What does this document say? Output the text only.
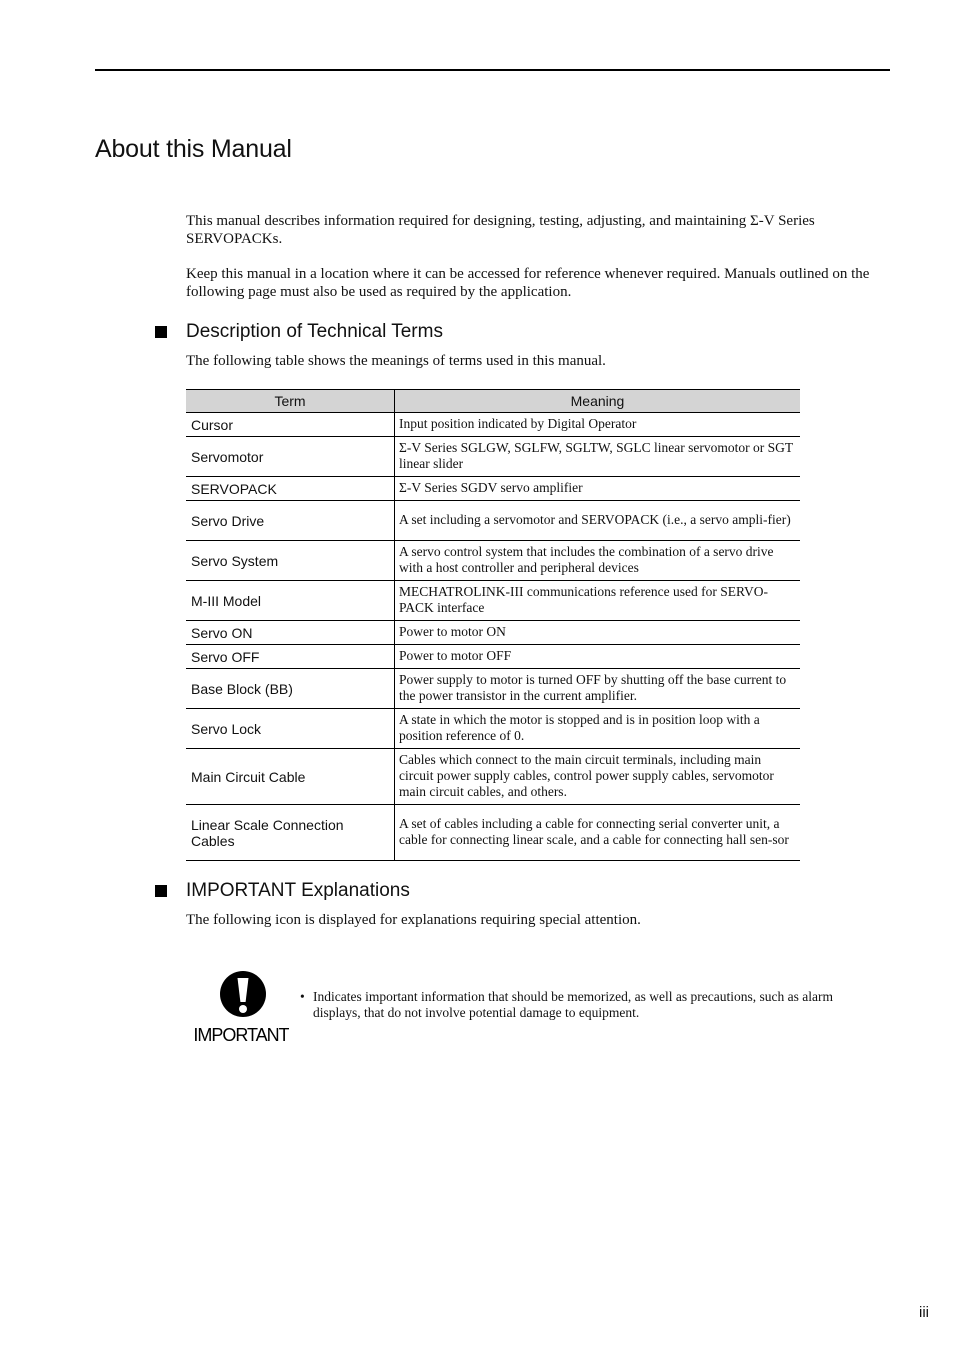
About this Manual

This manual describes information required for designing, testing, adjusting, and maintaining Σ-V Series SERVOPACKs.

Keep this manual in a location where it can be accessed for reference whenever required. Manuals outlined on the following page must also be used as required by the application.

Description of Technical Terms

The following table shows the meanings of terms used in this manual.

Term	Meaning
Cursor	Input position indicated by Digital Operator
Servomotor	Σ-V Series SGLGW, SGLFW, SGLTW, SGLC linear servomotor or SGT linear slider
SERVOPACK	Σ-V Series SGDV servo amplifier
Servo Drive	A set including a servomotor and SERVOPACK (i.e., a servo ampli-fier)
Servo System	A servo control system that includes the combination of a servo drive with a host controller and peripheral devices
M-III Model	MECHATROLINK-III communications reference used for SERVO-PACK interface
Servo ON	Power to motor ON
Servo OFF	Power to motor OFF
Base Block (BB)	Power supply to motor is turned OFF by shutting off the base current to the power transistor in the current amplifier.
Servo Lock	A state in which the motor is stopped and is in position loop with a position reference of 0.
Main Circuit Cable	Cables which connect to the main circuit terminals, including main circuit power supply cables, control power supply cables, servomotor main circuit cables, and others.
Linear Scale Connection Cables	A set of cables including a cable for connecting serial converter unit, a cable for connecting linear scale, and a cable for connecting hall sen-sor
IMPORTANT Explanations

The following icon is displayed for explanations requiring special attention.

IMPORTANT
• Indicates important information that should be memorized, as well as precautions, such as alarm displays, that do not involve potential damage to equipment.
iii
